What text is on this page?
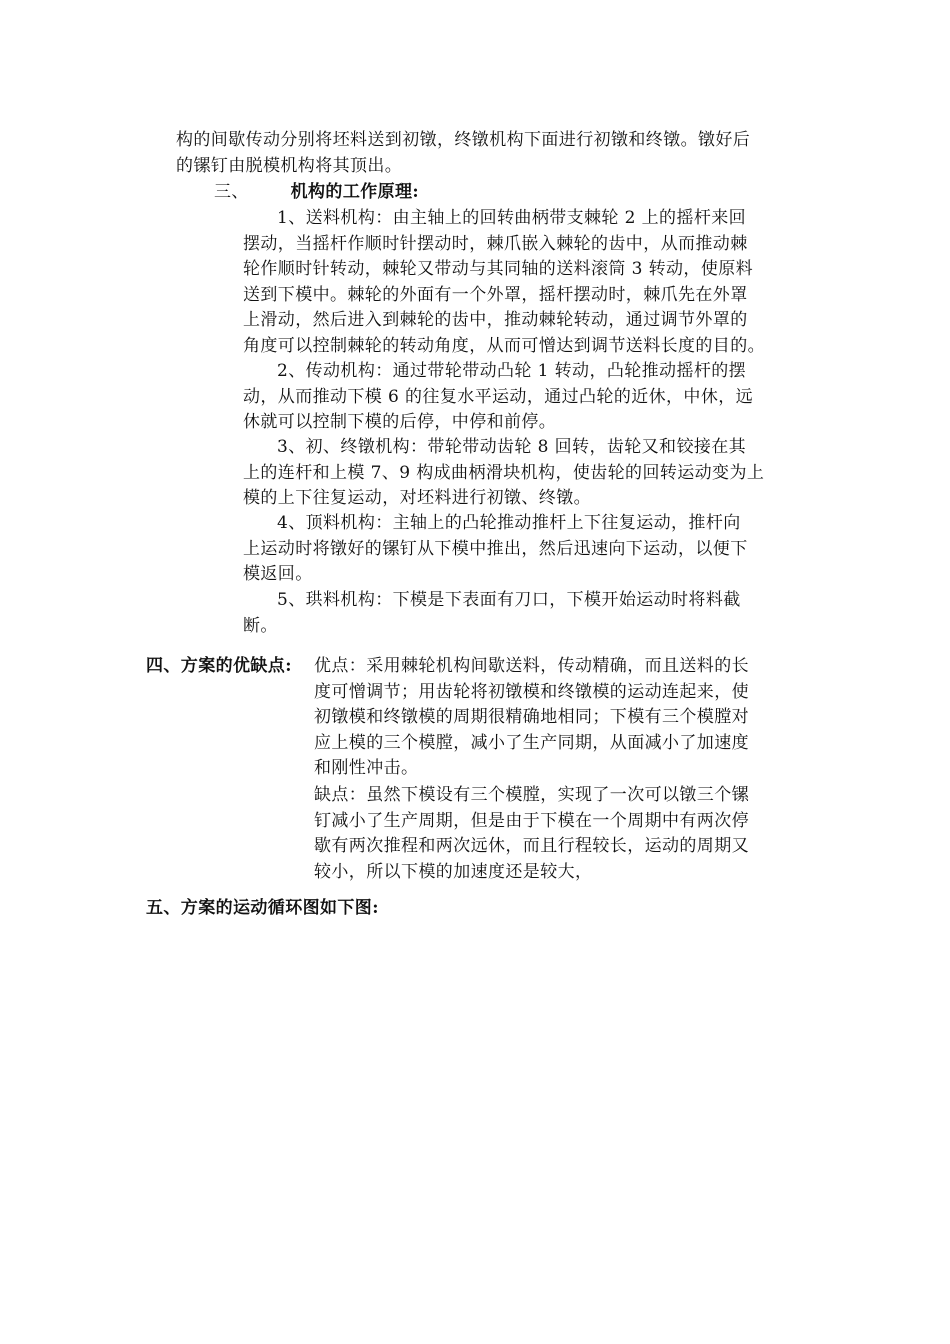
构的间歇传动分别将坯料送到初镦，终镦机构下面进行初镦和终镦。镦好后
的镙钉由脱模机构将其顶出。
三、 机构的工作原理:
1、送料机构：由主轴上的回转曲柄带支棘轮 2 上的摇杆来回
摆动，当摇杆作顺时针摆动时，棘爪嵌入棘轮的齿中，从而推动棘
轮作顺时针转动，棘轮又带动与其同轴的送料滚筒 3 转动，使原料
送到下模中。棘轮的外面有一个外罩，摇杆摆动时，棘爪先在外罩
上滑动，然后进入到棘轮的齿中，推动棘轮转动，通过调节外罩的
角度可以控制棘轮的转动角度，从而可憎达到调节送料长度的目的。
2、传动机构：通过带轮带动凸轮 1 转动，凸轮推动摇杆的摆
动，从而推动下模 6 的往复水平运动，通过凸轮的近休，中休，远
休就可以控制下模的后停，中停和前停。
3、初、终镦机构：带轮带动齿轮 8 回转，齿轮又和铰接在其
上的连杆和上模 7、9 构成曲柄滑块机构，使齿轮的回转运动变为上
模的上下往复运动，对坯料进行初镦、终镦。
4、顶料机构：主轴上的凸轮推动推杆上下往复运动，推杆向
上运动时将镦好的镙钉从下模中推出，然后迅速向下运动，以便下
模返回。
5、珙料机构：下模是下表面有刀口，下模开始运动时将料截
断。
四、方案的优缺点: 优点：采用棘轮机构间歇送料，传动精确，而且送料的长
度可憎调节；用齿轮将初镦模和终镦模的运动连起来，使
初镦模和终镦模的周期很精确地相同；下模有三个模膛对
应上模的三个模膛，减小了生产同期，从面减小了加速度
和刚性冲击。
缺点：虽然下模设有三个模膛，实现了一次可以镦三个镙
钉减小了生产周期，但是由于下模在一个周期中有两次停
歇有两次推程和两次远休，而且行程较长，运动的周期又
较小，所以下模的加速度还是较大，
五、方案的运动循环图如下图:
